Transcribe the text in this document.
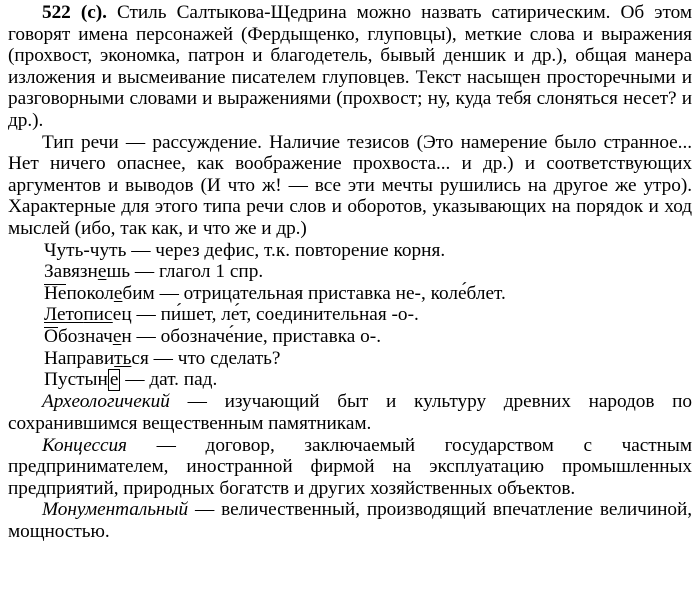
522 (с). Стиль Салтыкова-Щедрина можно назвать сатирическим. Об этом говорят имена персонажей (Фердыщенко, глуповцы), меткие слова и выражения (прохвост, экономка, патрон и благодетель, бывый деншик и др.), общая манера изложения и высмеивание писателем глуповцев. Текст насыщен просторечными и разговорными словами и выражениями (прохвост; ну, куда тебя слоняться несет? и др.).

Тип речи — рассуждение. Наличие тезисов (Это намерение было странное... Нет ничего опаснее, как воображение прохвоста... и др.) и соответствующих аргументов и выводов (И что ж! — все эти мечты рушились на другое же утро). Характерные для этого типа речи слов и оборотов, указывающих на порядок и ход мыслей (ибо, так как, и что же и др.)

Чуть-чуть — через дефис, т.к. повторение корня.
Завязнешь — глагол 1 спр.
Непоколебим — отрицательная приставка не-, коле́блет.
Летописец — пи́шет, ле́т, соединительная -о-.
Обозначен — обозначе́ние, приставка о-.
Направиться — что сделать?
Пустын е — дат. пад.

Археологичекий — изучающий быт и культуру древних народов по сохранившимся вещественным памятникам.

Концессия — договор, заключаемый государством с частным предпринимателем, иностранной фирмой на эксплуатацию промышленных предприятий, природных богатств и других хозяйственных объектов.

Монументальный — величественный, производящий впечатление величиной, мощностью.
